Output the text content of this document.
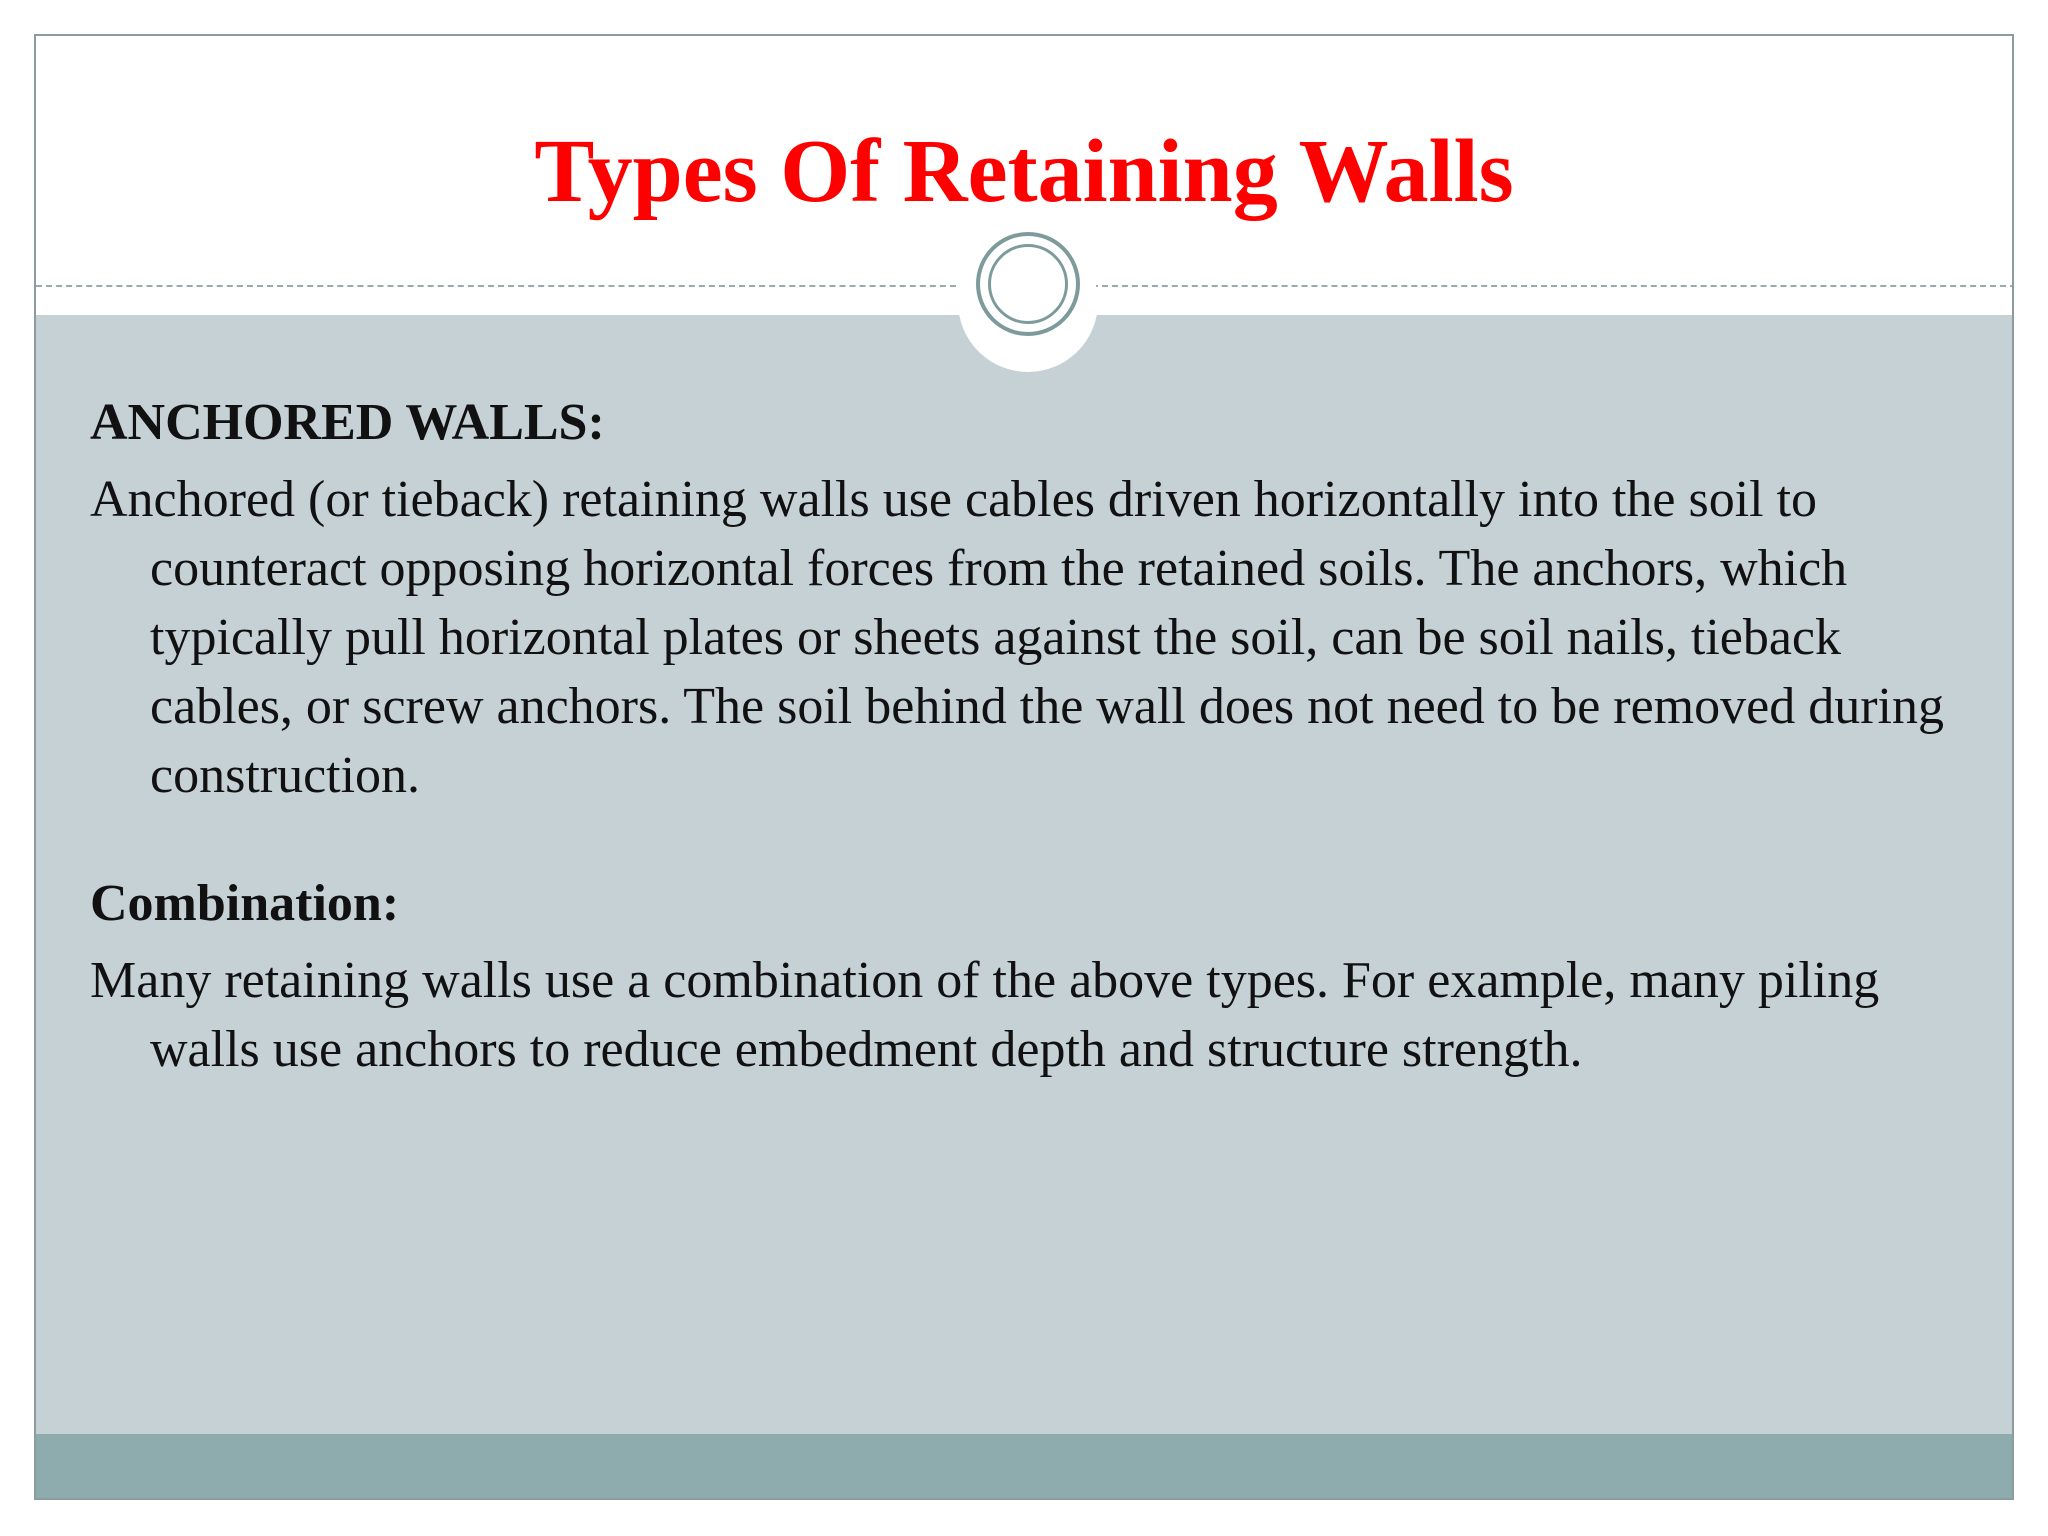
Types Of Retaining Walls

ANCHORED WALLS:

Anchored (or tieback) retaining walls use cables driven horizontally into the soil to counteract opposing horizontal forces from the retained soils. The anchors, which typically pull horizontal plates or sheets against the soil, can be soil nails, tieback cables, or screw anchors. The soil behind the wall does not need to be removed during construction.

Combination:

Many retaining walls use a combination of the above types. For example, many piling walls use anchors to reduce embedment depth and structure strength.
